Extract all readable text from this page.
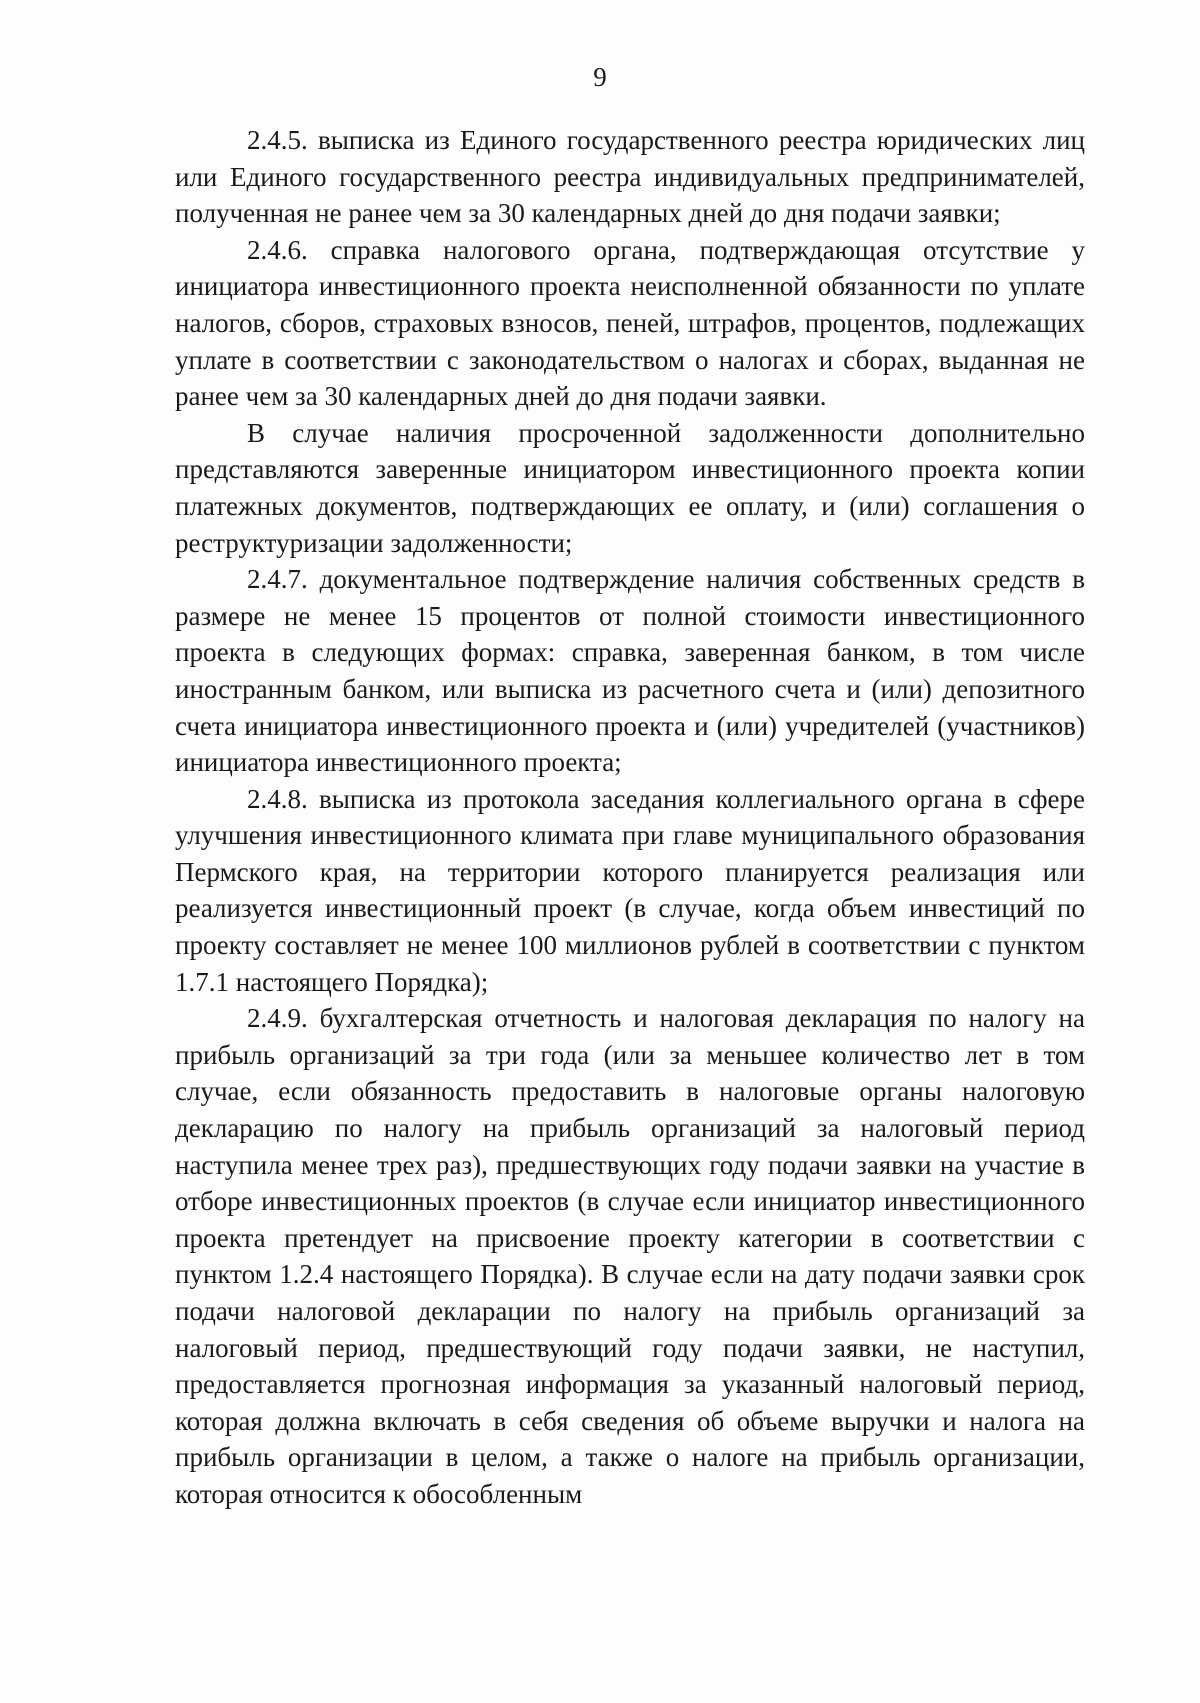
9

2.4.5. выписка из Единого государственного реестра юридических лиц или Единого государственного реестра индивидуальных предпринимателей, полученная не ранее чем за 30 календарных дней до дня подачи заявки;

2.4.6. справка налогового органа, подтверждающая отсутствие у инициатора инвестиционного проекта неисполненной обязанности по уплате налогов, сборов, страховых взносов, пеней, штрафов, процентов, подлежащих уплате в соответствии с законодательством о налогах и сборах, выданная не ранее чем за 30 календарных дней до дня подачи заявки.

В случае наличия просроченной задолженности дополнительно представляются заверенные инициатором инвестиционного проекта копии платежных документов, подтверждающих ее оплату, и (или) соглашения о реструктуризации задолженности;

2.4.7. документальное подтверждение наличия собственных средств в размере не менее 15 процентов от полной стоимости инвестиционного проекта в следующих формах: справка, заверенная банком, в том числе иностранным банком, или выписка из расчетного счета и (или) депозитного счета инициатора инвестиционного проекта и (или) учредителей (участников) инициатора инвестиционного проекта;

2.4.8. выписка из протокола заседания коллегиального органа в сфере улучшения инвестиционного климата при главе муниципального образования Пермского края, на территории которого планируется реализация или реализуется инвестиционный проект (в случае, когда объем инвестиций по проекту составляет не менее 100 миллионов рублей в соответствии с пунктом 1.7.1 настоящего Порядка);

2.4.9. бухгалтерская отчетность и налоговая декларация по налогу на прибыль организаций за три года (или за меньшее количество лет в том случае, если обязанность предоставить в налоговые органы налоговую декларацию по налогу на прибыль организаций за налоговый период наступила менее трех раз), предшествующих году подачи заявки на участие в отборе инвестиционных проектов (в случае если инициатор инвестиционного проекта претендует на присвоение проекту категории в соответствии с пунктом 1.2.4 настоящего Порядка). В случае если на дату подачи заявки срок подачи налоговой декларации по налогу на прибыль организаций за налоговый период, предшествующий году подачи заявки, не наступил, предоставляется прогнозная информация за указанный налоговый период, которая должна включать в себя сведения об объеме выручки и налога на прибыль организации в целом, а также о налоге на прибыль организации, которая относится к обособленным
